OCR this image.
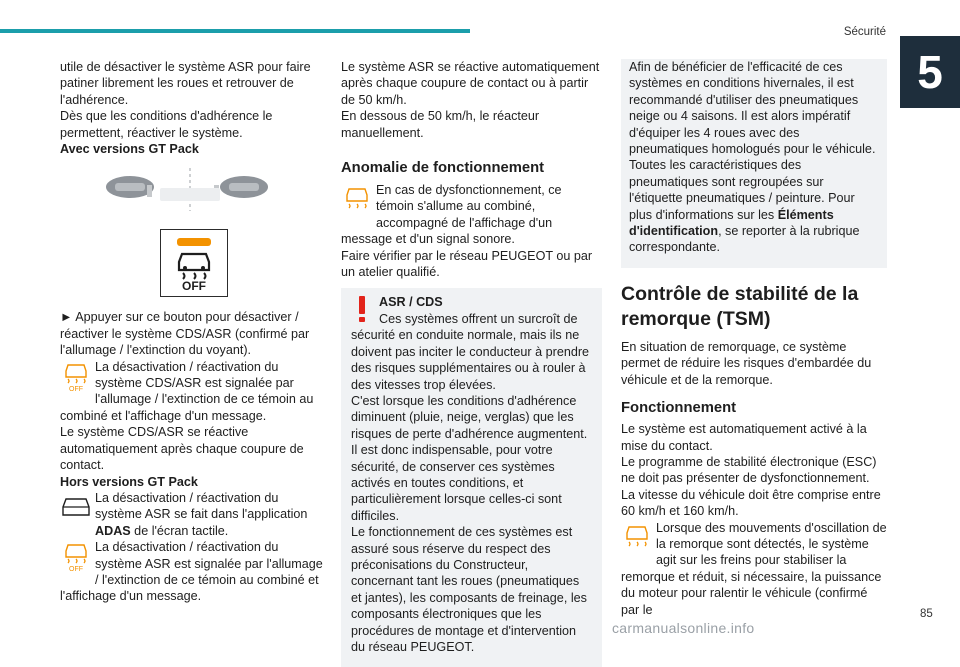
Sécurité
5

utile de désactiver le système ASR pour faire patiner librement les roues et retrouver de l'adhérence.

Dès que les conditions d'adhérence le permettent, réactiver le système.

Avec versions GT Pack

OFF

► Appuyer sur ce bouton pour désactiver / réactiver le système CDS/ASR (confirmé par l'allumage / l'extinction du voyant).

OFF

La désactivation / réactivation du système CDS/ASR est signalée par l'allumage / l'extinction de ce témoin au combiné et l'affichage d'un message.

Le système CDS/ASR se réactive automatiquement après chaque coupure de contact.

Hors versions GT Pack

La désactivation / réactivation du système ASR se fait dans l'application ADAS de l'écran tactile.

OFF

La désactivation / réactivation du système ASR est signalée par l'allumage / l'extinction de ce témoin au combiné et l'affichage d'un message.

Le système ASR se réactive automatiquement après chaque coupure de contact ou à partir de 50 km/h.

En dessous de 50 km/h, le réacteur manuellement.

Anomalie de fonctionnement

En cas de dysfonctionnement, ce témoin s'allume au combiné, accompagné de l'affichage d'un message et d'un signal sonore.

Faire vérifier par le réseau PEUGEOT ou par un atelier qualifié.

ASR / CDS

Ces systèmes offrent un surcroît de sécurité en conduite normale, mais ils ne doivent pas inciter le conducteur à prendre des risques supplémentaires ou à rouler à des vitesses trop élevées.

C'est lorsque les conditions d'adhérence diminuent (pluie, neige, verglas) que les risques de perte d'adhérence augmentent. Il est donc indispensable, pour votre sécurité, de conserver ces systèmes activés en toutes conditions, et particulièrement lorsque celles-ci sont difficiles.

Le fonctionnement de ces systèmes est assuré sous réserve du respect des préconisations du Constructeur, concernant tant les roues (pneumatiques et jantes), les composants de freinage, les composants électroniques que les procédures de montage et d'intervention du réseau PEUGEOT.

Afin de bénéficier de l'efficacité de ces systèmes en conditions hivernales, il est recommandé d'utiliser des pneumatiques neige ou 4 saisons. Il est alors impératif d'équiper les 4 roues avec des pneumatiques homologués pour le véhicule.

Toutes les caractéristiques des pneumatiques sont regroupées sur l'étiquette pneumatiques / peinture. Pour plus d'informations sur les Éléments d'identification, se reporter à la rubrique correspondante.

Contrôle de stabilité de la remorque (TSM)

En situation de remorquage, ce système permet de réduire les risques d'embardée du véhicule et de la remorque.

Fonctionnement

Le système est automatiquement activé à la mise du contact.

Le programme de stabilité électronique (ESC) ne doit pas présenter de dysfonctionnement.

La vitesse du véhicule doit être comprise entre 60 km/h et 160 km/h.

Lorsque des mouvements d'oscillation de la remorque sont détectés, le système agit sur les freins pour stabiliser la remorque et réduit, si nécessaire, la puissance du moteur pour ralentir le véhicule (confirmé par le	85
carmanualsonline.info
